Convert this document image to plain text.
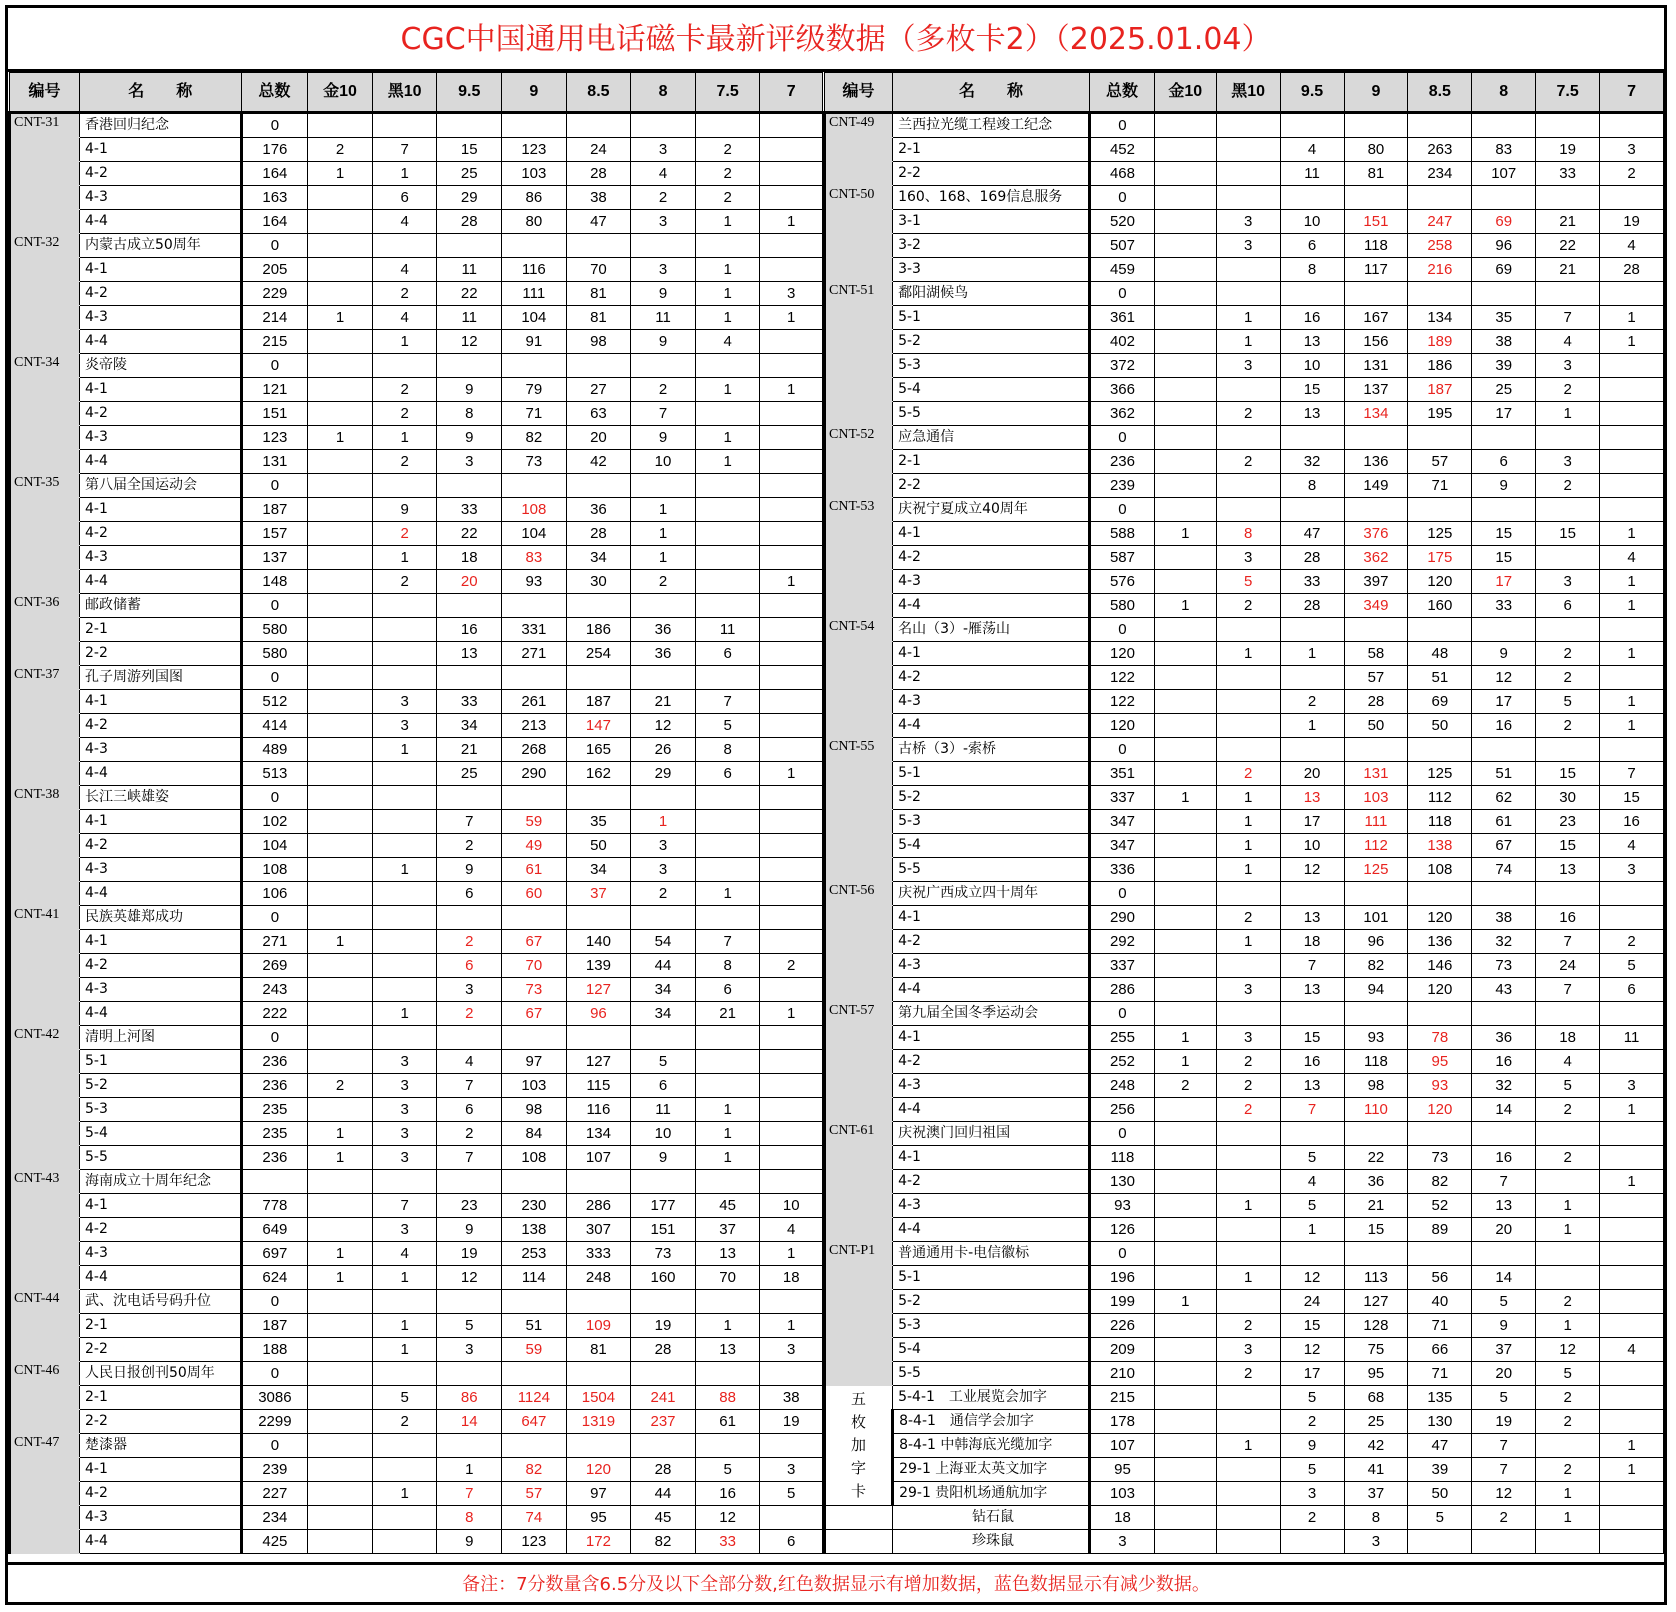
CGC中国通用电话磁卡最新评级数据（多枚卡2）（2025.01.04）
编号	名　　称	总数	金10	黑10	9.5	9	8.5	8	7.5	7
CNT-31	香港回归纪念	0								
	4-1	176	2	7	15	123	24	3	2	
	4-2	164	1	1	25	103	28	4	2	
	4-3	163		6	29	86	38	2	2	
	4-4	164		4	28	80	47	3	1	1
CNT-32	内蒙古成立50周年	0								
	4-1	205		4	11	116	70	3	1	
	4-2	229		2	22	111	81	9	1	3
	4-3	214	1	4	11	104	81	11	1	1
	4-4	215		1	12	91	98	9	4	
CNT-34	炎帝陵	0								
	4-1	121		2	9	79	27	2	1	1
	4-2	151		2	8	71	63	7		
	4-3	123	1	1	9	82	20	9	1	
	4-4	131		2	3	73	42	10	1	
CNT-35	第八届全国运动会	0								
	4-1	187		9	33	108	36	1		
	4-2	157		2	22	104	28	1		
	4-3	137		1	18	83	34	1		
	4-4	148		2	20	93	30	2		1
CNT-36	邮政储蓄	0								
	2-1	580			16	331	186	36	11	
	2-2	580			13	271	254	36	6	
CNT-37	孔子周游列国图	0								
	4-1	512		3	33	261	187	21	7	
	4-2	414		3	34	213	147	12	5	
	4-3	489		1	21	268	165	26	8	
	4-4	513			25	290	162	29	6	1
CNT-38	长江三峡雄姿	0								
	4-1	102			7	59	35	1		
	4-2	104			2	49	50	3		
	4-3	108		1	9	61	34	3		
	4-4	106			6	60	37	2	1	
CNT-41	民族英雄郑成功	0								
	4-1	271	1		2	67	140	54	7	
	4-2	269			6	70	139	44	8	2
	4-3	243			3	73	127	34	6	
	4-4	222		1	2	67	96	34	21	1
CNT-42	清明上河图	0								
	5-1	236		3	4	97	127	5		
	5-2	236	2	3	7	103	115	6		
	5-3	235		3	6	98	116	11	1	
	5-4	235	1	3	2	84	134	10	1	
	5-5	236	1	3	7	108	107	9	1	
CNT-43	海南成立十周年纪念									
	4-1	778		7	23	230	286	177	45	10
	4-2	649		3	9	138	307	151	37	4
	4-3	697	1	4	19	253	333	73	13	1
	4-4	624	1	1	12	114	248	160	70	18
CNT-44	武、沈电话号码升位	0								
	2-1	187		1	5	51	109	19	1	1
	2-2	188		1	3	59	81	28	13	3
CNT-46	人民日报创刊50周年	0								
	2-1	3086		5	86	1124	1504	241	88	38
	2-2	2299		2	14	647	1319	237	61	19
CNT-47	楚漆器	0								
	4-1	239			1	82	120	28	5	3
	4-2	227		1	7	57	97	44	16	5
	4-3	234			8	74	95	45	12	
	4-4	425			9	123	172	82	33	6
编号	名　　称	总数	金10	黑10	9.5	9	8.5	8	7.5	7
CNT-49	兰西拉光缆工程竣工纪念	0								
	2-1	452			4	80	263	83	19	3
	2-2	468			11	81	234	107	33	2
CNT-50	160、168、169信息服务	0								
	3-1	520		3	10	151	247	69	21	19
	3-2	507		3	6	118	258	96	22	4
	3-3	459			8	117	216	69	21	28
CNT-51	鄱阳湖候鸟	0								
	5-1	361		1	16	167	134	35	7	1
	5-2	402		1	13	156	189	38	4	1
	5-3	372		3	10	131	186	39	3	
	5-4	366			15	137	187	25	2	
	5-5	362		2	13	134	195	17	1	
CNT-52	应急通信	0								
	2-1	236		2	32	136	57	6	3	
	2-2	239			8	149	71	9	2	
CNT-53	庆祝宁夏成立40周年	0								
	4-1	588	1	8	47	376	125	15	15	1
	4-2	587		3	28	362	175	15		4
	4-3	576		5	33	397	120	17	3	1
	4-4	580	1	2	28	349	160	33	6	1
CNT-54	名山（3）-雁荡山	0								
	4-1	120		1	1	58	48	9	2	1
	4-2	122				57	51	12	2	
	4-3	122			2	28	69	17	5	1
	4-4	120			1	50	50	16	2	1
CNT-55	古桥（3）-索桥	0								
	5-1	351		2	20	131	125	51	15	7
	5-2	337	1	1	13	103	112	62	30	15
	5-3	347		1	17	111	118	61	23	16
	5-4	347		1	10	112	138	67	15	4
	5-5	336		1	12	125	108	74	13	3
CNT-56	庆祝广西成立四十周年	0								
	4-1	290		2	13	101	120	38	16	
	4-2	292		1	18	96	136	32	7	2
	4-3	337			7	82	146	73	24	5
	4-4	286		3	13	94	120	43	7	6
CNT-57	第九届全国冬季运动会	0								
	4-1	255	1	3	15	93	78	36	18	11
	4-2	252	1	2	16	118	95	16	4	
	4-3	248	2	2	13	98	93	32	5	3
	4-4	256		2	7	110	120	14	2	1
CNT-61	庆祝澳门回归祖国	0								
	4-1	118			5	22	73	16	2	
	4-2	130			4	36	82	7		1
	4-3	93		1	5	21	52	13	1	
	4-4	126			1	15	89	20	1	
CNT-P1	普通通用卡-电信徽标	0								
	5-1	196		1	12	113	56	14		
	5-2	199	1		24	127	40	5	2	
	5-3	226		2	15	128	71	9	1	
	5-4	209		3	12	75	66	37	12	4
	5-5	210		2	17	95	71	20	5	

五
枚
加
字
卡	5-4-1　工业展览会加字	215			5	68	135	5	2	
	8-4-1　通信学会加字	178			2	25	130	19	2	
	8-4-1 中韩海底光缆加字	107		1	9	42	47	7		1
	29-1 上海亚太英文加字	95			5	41	39	7	2	1
	29-1 贵阳机场通航加字	103			3	37	50	12	1	
	钻石鼠	18			2	8	5	2	1	
	珍珠鼠	3				3				
备注：7分数量含6.5分及以下全部分数,红色数据显示有增加数据，蓝色数据显示有减少数据。
